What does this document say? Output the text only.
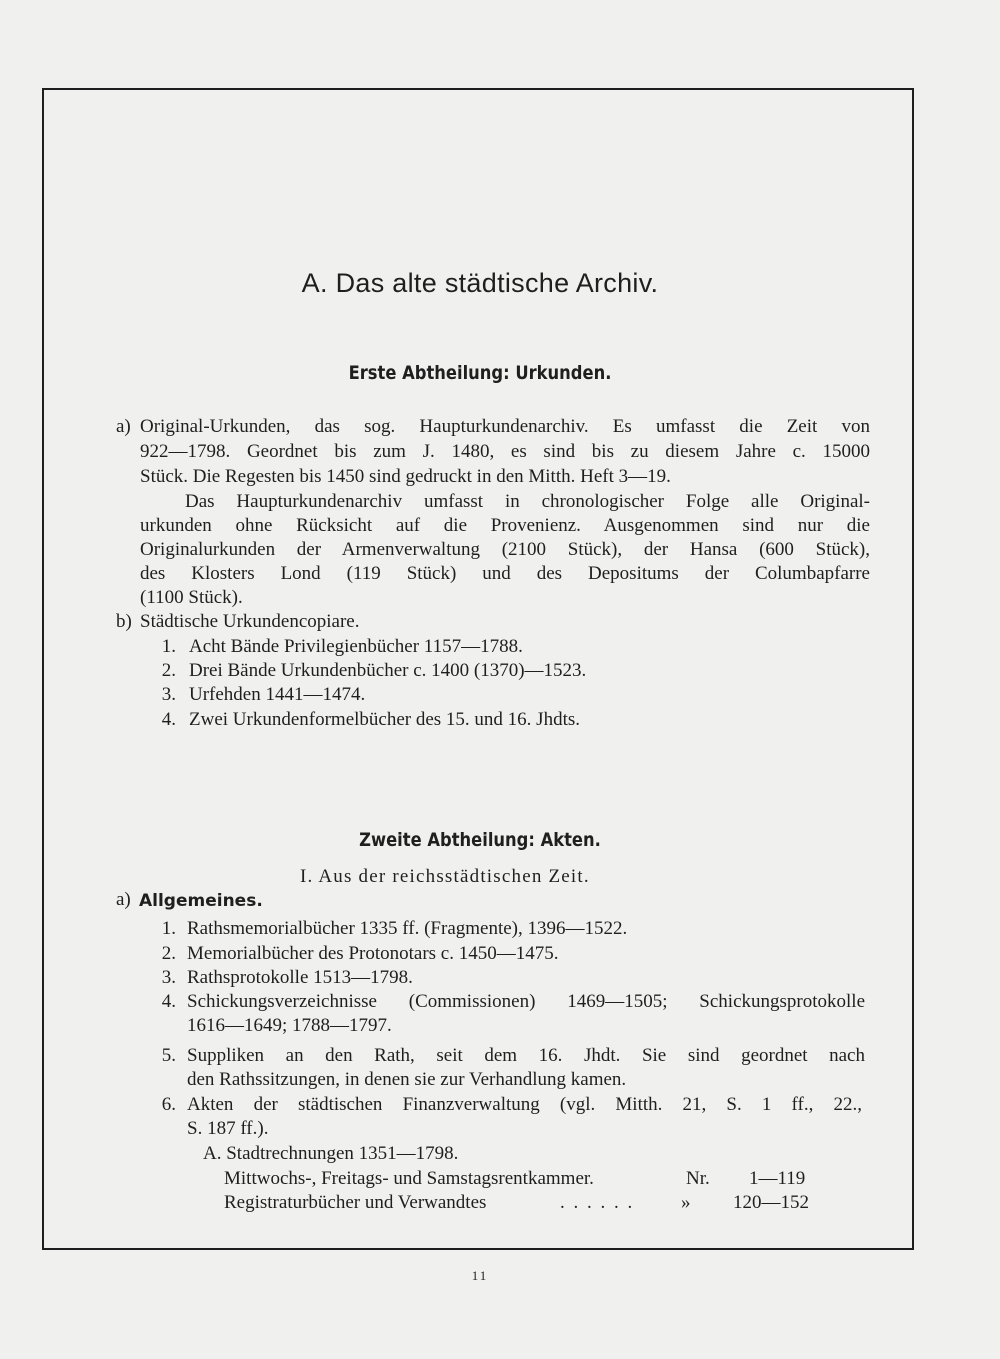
A. Das alte städtische Archiv.
Erste Abtheilung: Urkunden.
a) Original-Urkunden, das sog. Haupturkundenarchiv. Es umfasst die Zeit von
922—1798. Geordnet bis zum J. 1480, es sind bis zu diesem Jahre c. 15000
Stück. Die Regesten bis 1450 sind gedruckt in den Mitth. Heft 3—19.
Das Haupturkundenarchiv umfasst in chronologischer Folge alle Original-
urkunden ohne Rücksicht auf die Provenienz. Ausgenommen sind nur die
Originalurkunden der Armenverwaltung (2100 Stück), der Hansa (600 Stück),
des Klosters Lond (119 Stück) und des Depositums der Columbapfarre
(1100 Stück).
b) Städtische Urkundencopiare.
1. Acht Bände Privilegienbücher 1157—1788.
2. Drei Bände Urkundenbücher c. 1400 (1370)—1523.
3. Urfehden 1441—1474.
4. Zwei Urkundenformelbücher des 15. und 16. Jhdts.
Zweite Abtheilung: Akten.
I. Aus der reichsstädtischen Zeit.
a) Allgemeines.
1. Rathsmemorialbücher 1335 ff. (Fragmente), 1396—1522.
2. Memorialbücher des Protonotars c. 1450—1475.
3. Rathsprotokolle 1513—1798.
4. Schickungsverzeichnisse (Commissionen) 1469—1505; Schickungsprotokolle
1616—1649; 1788—1797.
5. Suppliken an den Rath, seit dem 16. Jhdt. Sie sind geordnet nach
den Rathssitzungen, in denen sie zur Verhandlung kamen.
6. Akten der städtischen Finanzverwaltung (vgl. Mitth. 21, S. 1 ff., 22.,
S. 187 ff.).
A. Stadtrechnungen 1351—1798.
Mittwochs-, Freitags- und Samstagsrentkammer.	Nr. 1—119
Registraturbücher und Verwandtes	. . . . . . » 120—152
11
